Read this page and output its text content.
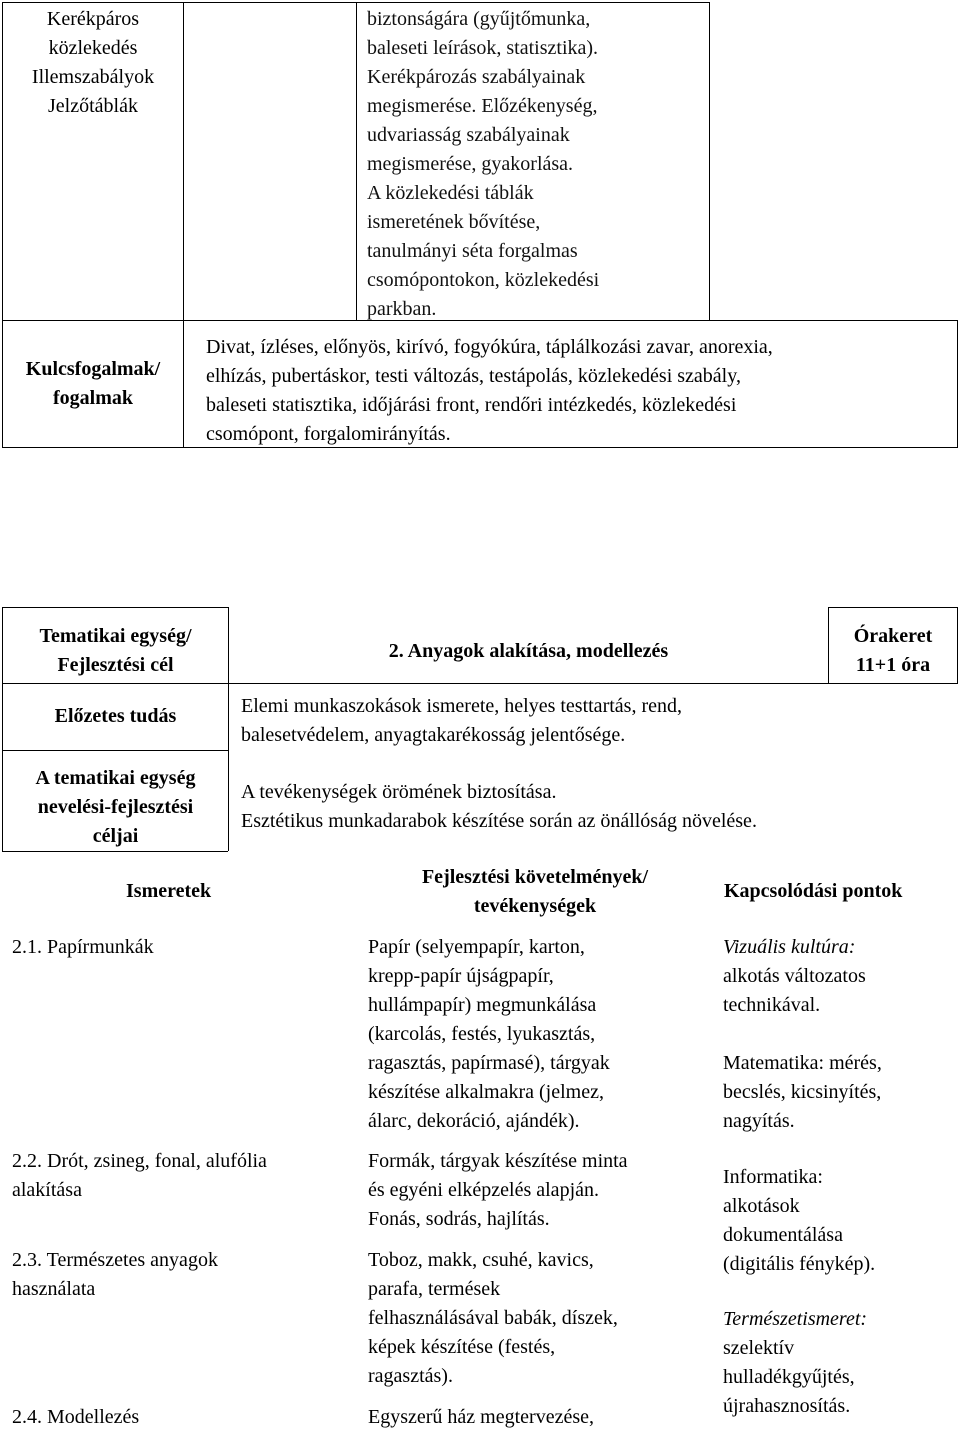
Kerékpáros közlekedés

Illemszabályok

Jelzőtáblák

biztonságára (gyűjtőmunka,

baleseti leírások, statisztika).

Kerékpározás szabályainak

megismerése. Előzékenység,

udvariasság szabályainak

megismerése, gyakorlása.

A közlekedési táblák

ismeretének bővítése,

tanulmányi séta forgalmas

csomópontokon, közlekedési

parkban.

Kulcsfogalmak/

fogalmak

Divat, ízléses, előnyös, kirívó, fogyókúra, táplálkozási zavar, anorexia,

elhízás, pubertáskor, testi változás, testápolás, közlekedési szabály,

baleseti statisztika, időjárási front, rendőri intézkedés, közlekedési

csomópont, forgalomirányítás.

Tematikai egység/

Fejlesztési cél

2. Anyagok alakítása, modellezés

Órakeret

11+1 óra

Előzetes tudás	Elemi munkaszokások ismerete, helyes testtartás, rend,

balesetvédelem, anyagtakarékosság jelentősége.

A tematikai egység

nevelési-fejlesztési

céljai

A tevékenységek örömének biztosítása.

Esztétikus munkadarabok készítése során az önállóság növelése.

Ismeretek

Fejlesztési követelmények/

tevékenységek

Kapcsolódási pontok

2.1. Papírmunkák

2.2. Drót, zsineg, fonal, alufólia

alakítása

2.3. Természetes anyagok

használata

2.4. Modellezés

Papír (selyempapír, karton,

krepp-papír újságpapír,

hullámpapír) megmunkálása

(karcolás, festés, lyukasztás,

ragasztás, papírmasé), tárgyak

készítése alkalmakra (jelmez,

álarc, dekoráció, ajándék).

Formák, tárgyak készítése minta

és egyéni elképzelés alapján.

Fonás, sodrás, hajlítás.

Toboz, makk, csuhé, kavics,

parafa, termések

felhasználásával babák, díszek,

képek készítése (festés,

ragasztás).

Egyszerű ház megtervezése,

Vizuális kultúra:

alkotás változatos

technikával.

Matematika: mérés,

becslés, kicsinyítés,

nagyítás.

Informatika:

alkotások

dokumentálása

(digitális fénykép).

Természetismeret:

szelektív

hulladékgyűjtés,

újrahasznosítás.
